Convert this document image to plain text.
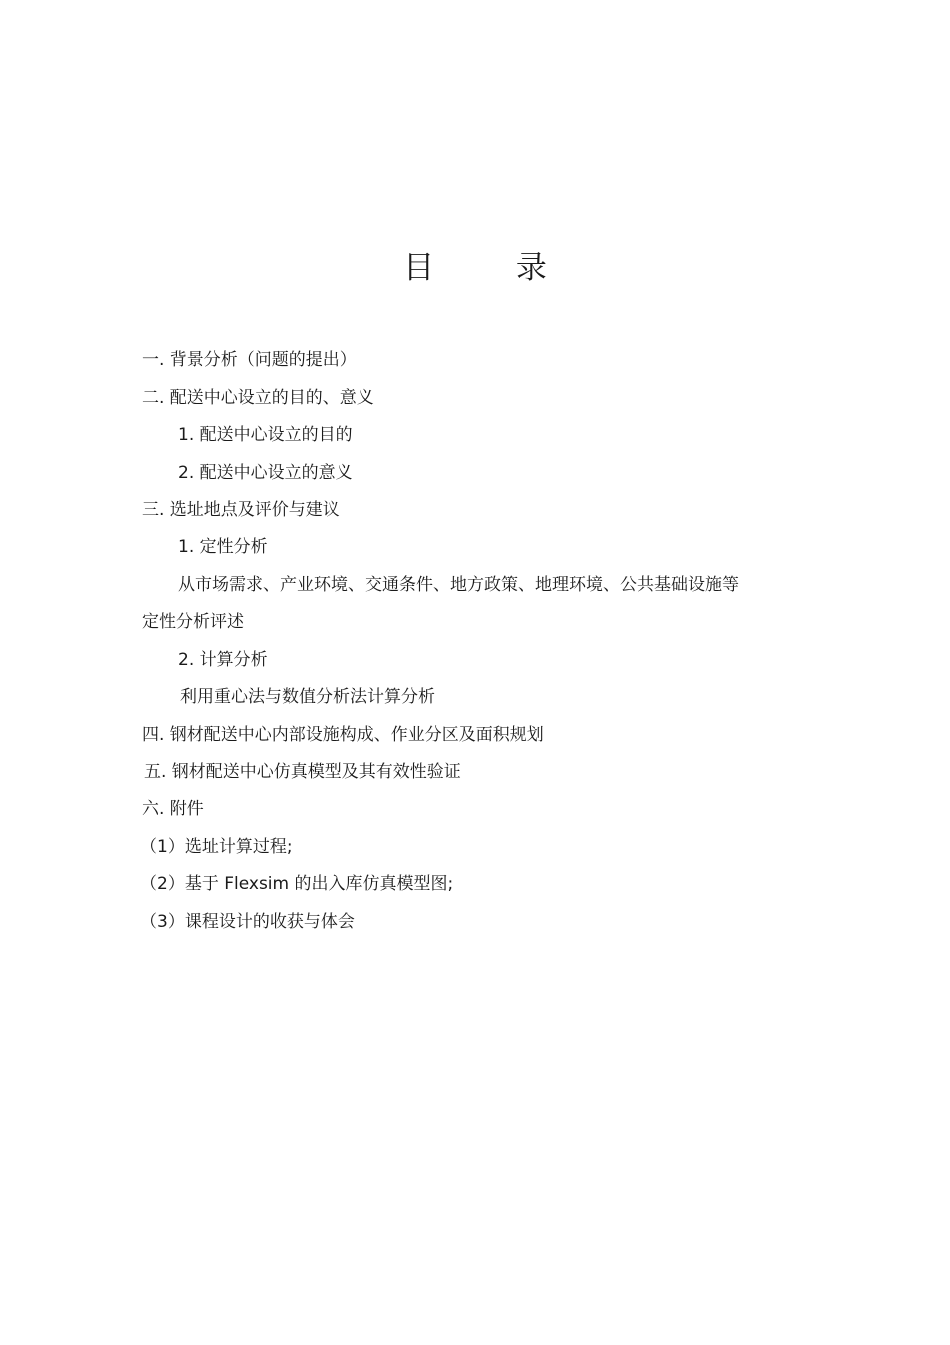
目 录
一. 背景分析（问题的提出）
二. 配送中心设立的目的、意义
1. 配送中心设立的目的
2. 配送中心设立的意义
三. 选址地点及评价与建议
1. 定性分析
从市场需求、产业环境、交通条件、地方政策、地理环境、公共基础设施等
定性分析评述
2. 计算分析
利用重心法与数值分析法计算分析
四. 钢材配送中心内部设施构成、作业分区及面积规划
五. 钢材配送中心仿真模型及其有效性验证
六. 附件
（1）选址计算过程;
（2）基于 Flexsim 的出入库仿真模型图;
（3）课程设计的收获与体会
